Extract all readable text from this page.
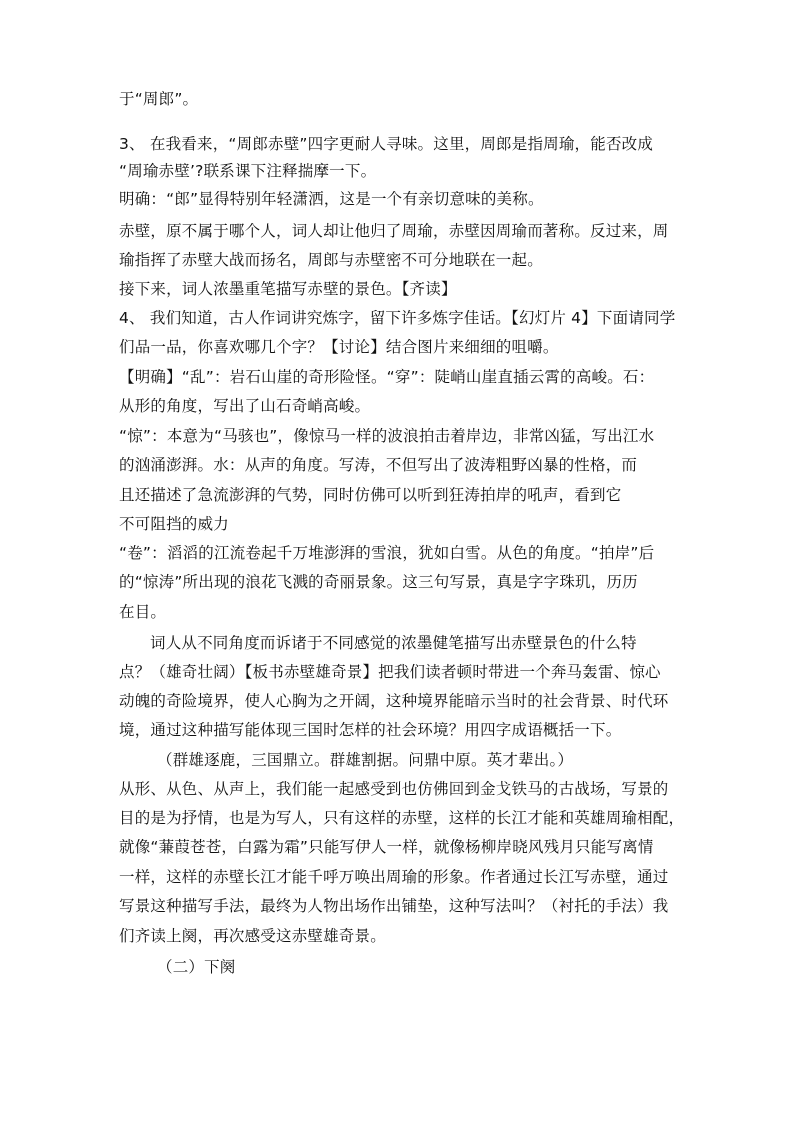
于“周郎”。
3、 在我看来，“周郎赤壁”四字更耐人寻味。这里，周郎是指周瑜，能否改成
“周瑜赤壁’?联系课下注释揣摩一下。
明确：“郎”显得特别年轻潇洒，这是一个有亲切意味的美称。
赤壁，原不属于哪个人，词人却让他归了周瑜，赤壁因周瑜而著称。反过来，周
瑜指挥了赤壁大战而扬名，周郎与赤壁密不可分地联在一起。
接下来，词人浓墨重笔描写赤壁的景色。【齐读】
4、 我们知道，古人作词讲究炼字，留下许多炼字佳话。【幻灯片 4】下面请同学
们品一品，你喜欢哪几个字？【讨论】结合图片来细细的咀嚼。
【明确】“乱”：岩石山崖的奇形险怪。“穿”：陡峭山崖直插云霄的高峻。石：
从形的角度，写出了山石奇峭高峻。
“惊”：本意为“马骇也”，像惊马一样的波浪拍击着岸边，非常凶猛，写出江水
的汹涌澎湃。水：从声的角度。写涛，不但写出了波涛粗野凶暴的性格，而
且还描述了急流澎湃的气势，同时仿佛可以听到狂涛拍岸的吼声，看到它
不可阻挡的威力
“卷”：滔滔的江流卷起千万堆澎湃的雪浪，犹如白雪。从色的角度。“拍岸”后
的“惊涛”所出现的浪花飞溅的奇丽景象。这三句写景，真是字字珠玑，历历
在目。
词人从不同角度而诉诸于不同感觉的浓墨健笔描写出赤壁景色的什么特
点？（雄奇壮阔）【板书赤壁雄奇景】把我们读者顿时带进一个奔马轰雷、惊心
动魄的奇险境界，使人心胸为之开阔，这种境界能暗示当时的社会背景、时代环
境，通过这种描写能体现三国时怎样的社会环境？用四字成语概括一下。
（群雄逐鹿，三国鼎立。群雄割据。问鼎中原。英才辈出。）
从形、从色、从声上，我们能一起感受到也仿佛回到金戈铁马的古战场，写景的
目的是为抒情，也是为写人，只有这样的赤壁，这样的长江才能和英雄周瑜相配，
就像“蒹葭苍苍，白露为霜”只能写伊人一样，就像杨柳岸晓风残月只能写离情
一样，这样的赤壁长江才能千呼万唤出周瑜的形象。作者通过长江写赤壁，通过
写景这种描写手法，最终为人物出场作出铺垫，这种写法叫？（衬托的手法）我
们齐读上阕，再次感受这赤壁雄奇景。
（二）下阕
